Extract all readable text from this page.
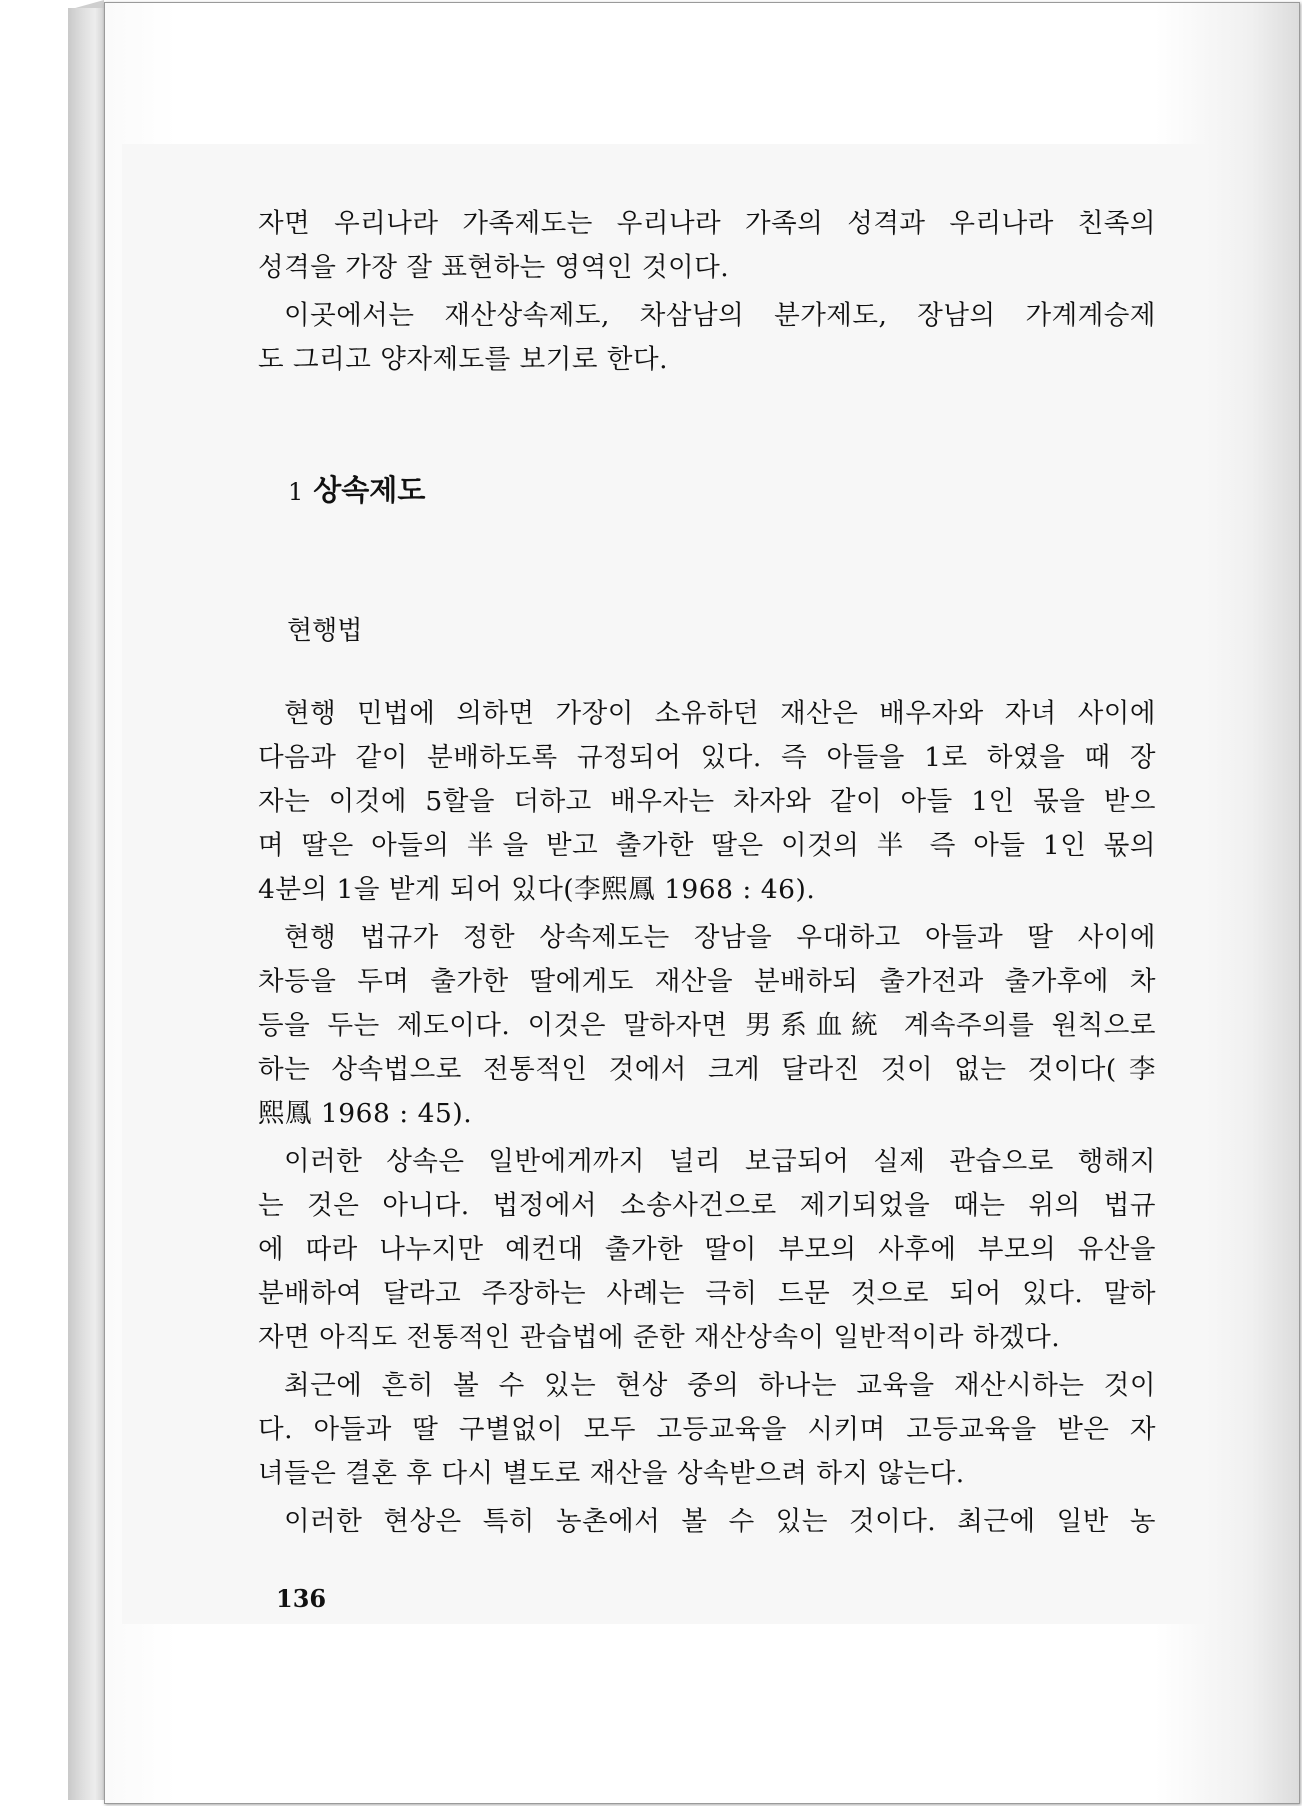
자면 우리나라 가족제도는 우리나라 가족의 성격과 우리나라 친족의
성격을 가장 잘 표현하는 영역인 것이다.
이곳에서는 재산상속제도, 차삼남의 분가제도, 장남의 가계계승제
도 그리고 양자제도를 보기로 한다.
1 상속제도
현행법
현행 민법에 의하면 가장이 소유하던 재산은 배우자와 자녀 사이에
다음과 같이 분배하도록 규정되어 있다. 즉 아들을 1로 하였을 때 장
자는 이것에 5할을 더하고 배우자는 차자와 같이 아들 1인 몫을 받으
며 딸은 아들의 半을 받고 출가한 딸은 이것의 半 즉 아들 1인 몫의
4분의 1을 받게 되어 있다(李熙鳳 1968 : 46).
현행 법규가 정한 상속제도는 장남을 우대하고 아들과 딸 사이에
차등을 두며 출가한 딸에게도 재산을 분배하되 출가전과 출가후에 차
등을 두는 제도이다. 이것은 말하자면 男系血統 계속주의를 원칙으로
하는 상속법으로 전통적인 것에서 크게 달라진 것이 없는 것이다(李
熙鳳 1968 : 45).
이러한 상속은 일반에게까지 널리 보급되어 실제 관습으로 행해지
는 것은 아니다. 법정에서 소송사건으로 제기되었을 때는 위의 법규
에 따라 나누지만 예컨대 출가한 딸이 부모의 사후에 부모의 유산을
분배하여 달라고 주장하는 사례는 극히 드문 것으로 되어 있다. 말하
자면 아직도 전통적인 관습법에 준한 재산상속이 일반적이라 하겠다.
최근에 흔히 볼 수 있는 현상 중의 하나는 교육을 재산시하는 것이
다. 아들과 딸 구별없이 모두 고등교육을 시키며 고등교육을 받은 자
녀들은 결혼 후 다시 별도로 재산을 상속받으려 하지 않는다.
이러한 현상은 특히 농촌에서 볼 수 있는 것이다. 최근에 일반 농
136
